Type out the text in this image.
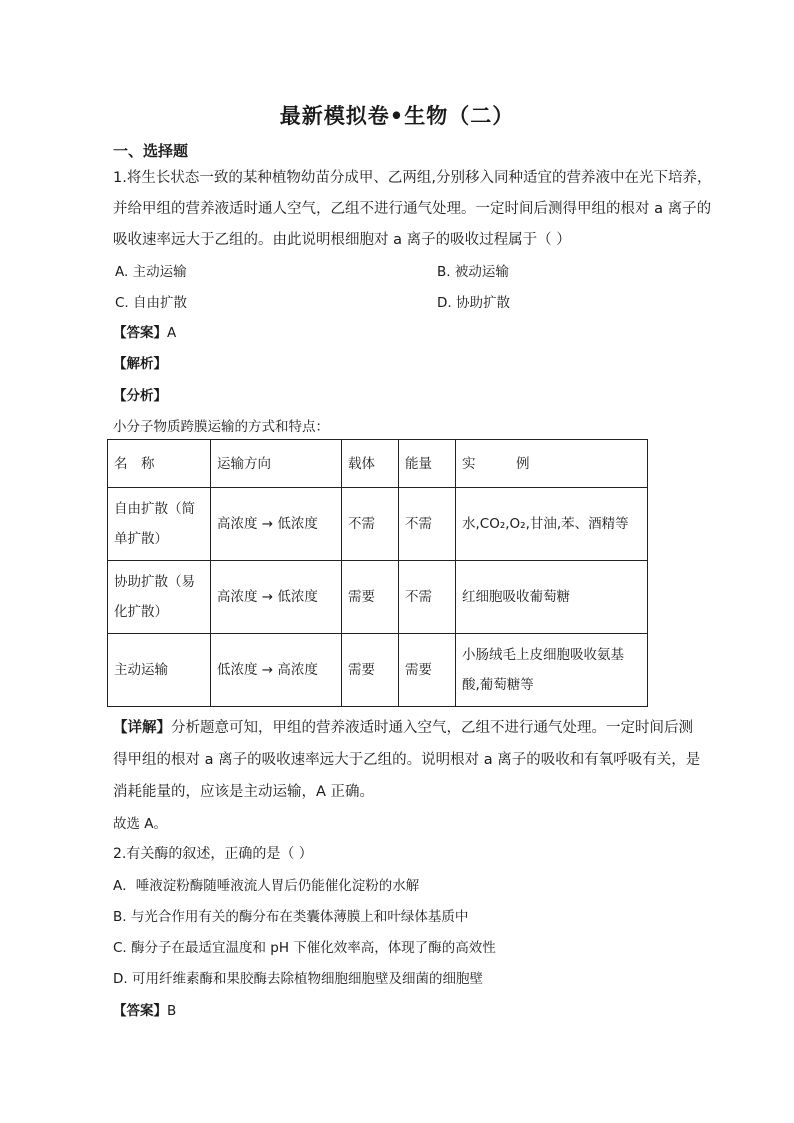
最新模拟卷•生物（二）
一、选择题
1.将生长状态一致的某种植物幼苗分成甲、乙两组,分别移入同种适宜的营养液中在光下培养，
并给甲组的营养液适时通人空气，乙组不进行通气处理。一定时间后测得甲组的根对 a 离子的
吸收速率远大于乙组的。由此说明根细胞对 a 离子的吸收过程属于（ ）
A. 主动运输	B. 被动运输
C. 自由扩散	D. 协助扩散
【答案】A
【解析】
【分析】
小分子物质跨膜运输的方式和特点：
名　称	运输方向	载体	能量	实　　　例
自由扩散（简单扩散）	高浓度 → 低浓度	不需	不需	水,CO₂,O₂,甘油,苯、酒精等
协助扩散（易化扩散）	高浓度 → 低浓度	需要	不需	红细胞吸收葡萄糖
主动运输	低浓度 → 高浓度	需要	需要	小肠绒毛上皮细胞吸收氨基酸,葡萄糖等
【详解】分析题意可知，甲组的营养液适时通入空气，乙组不进行通气处理。一定时间后测
得甲组的根对 a 离子的吸收速率远大于乙组的。说明根对 a 离子的吸收和有氧呼吸有关，是
消耗能量的，应该是主动运输，A 正确。
故选 A。
2.有关酶的叙述，正确的是（ ）
A．唾液淀粉酶随唾液流人胃后仍能催化淀粉的水解
B. 与光合作用有关的酶分布在类囊体薄膜上和叶绿体基质中
C. 酶分子在最适宜温度和 pH 下催化效率高，体现了酶的高效性
D. 可用纤维素酶和果胶酶去除植物细胞细胞壁及细菌的细胞壁
【答案】B
